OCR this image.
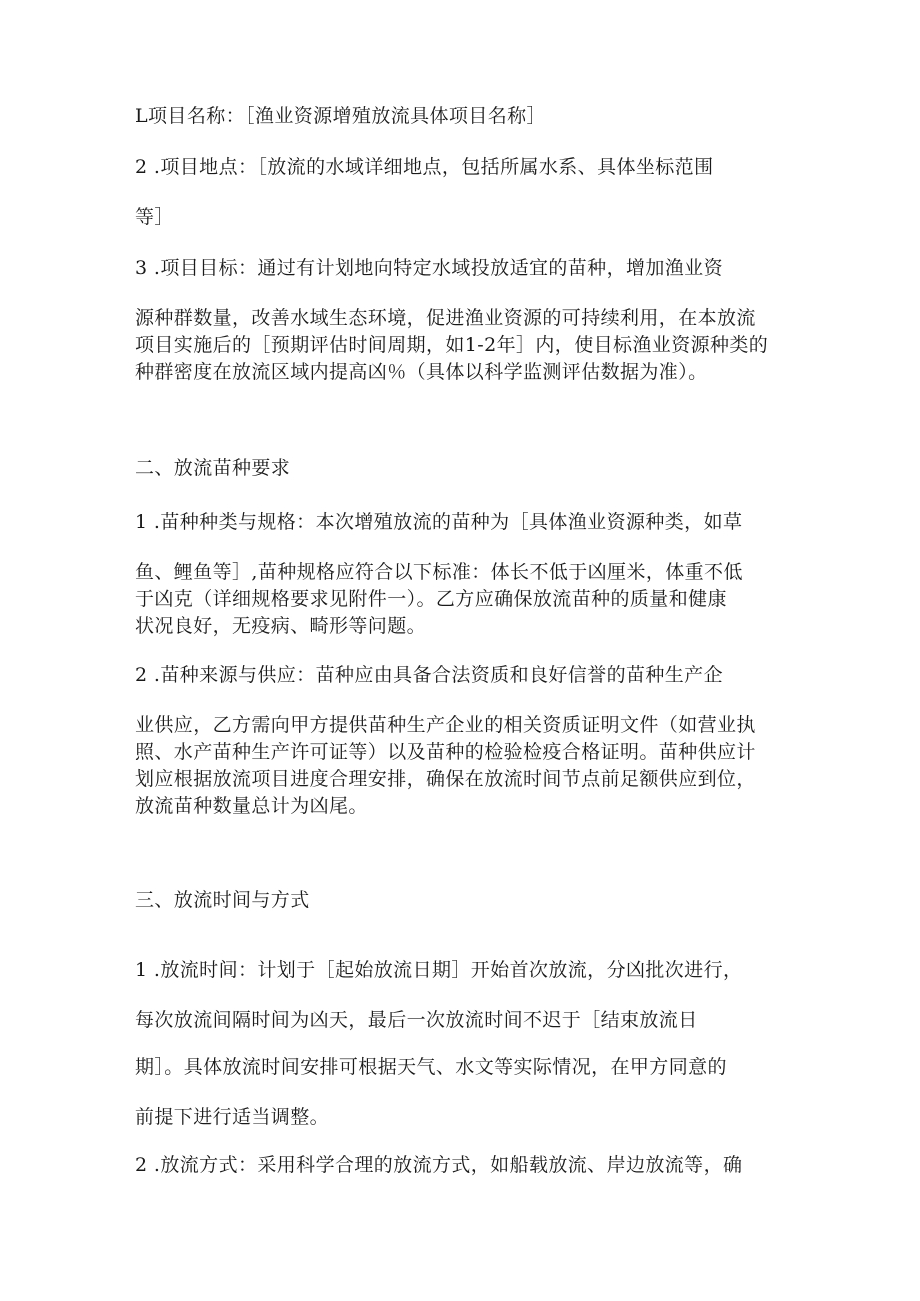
L项目名称：［渔业资源增殖放流具体项目名称］

2 .项目地点：［放流的水域详细地点，包括所属水系、具体坐标范围

等］

3 .项目目标：通过有计划地向特定水域投放适宜的苗种，增加渔业资

源种群数量，改善水域生态环境，促进渔业资源的可持续利用，在本放流

项目实施后的［预期评估时间周期，如1-2年］内，使目标渔业资源种类的

种群密度在放流区域内提高凶％（具体以科学监测评估数据为准）。

二、放流苗种要求

1 .苗种种类与规格：本次增殖放流的苗种为［具体渔业资源种类，如草

鱼、鲤鱼等］,苗种规格应符合以下标准：体长不低于凶厘米，体重不低

于凶克（详细规格要求见附件一）。乙方应确保放流苗种的质量和健康

状况良好，无疫病、畸形等问题。

2 .苗种来源与供应：苗种应由具备合法资质和良好信誉的苗种生产企

业供应，乙方需向甲方提供苗种生产企业的相关资质证明文件（如营业执

照、水产苗种生产许可证等）以及苗种的检验检疫合格证明。苗种供应计

划应根据放流项目进度合理安排，确保在放流时间节点前足额供应到位，

放流苗种数量总计为凶尾。

三、放流时间与方式

1 .放流时间：计划于［起始放流日期］开始首次放流，分凶批次进行，

每次放流间隔时间为凶天，最后一次放流时间不迟于［结束放流日

期］。具体放流时间安排可根据天气、水文等实际情况，在甲方同意的

前提下进行适当调整。

2 .放流方式：采用科学合理的放流方式，如船载放流、岸边放流等，确
